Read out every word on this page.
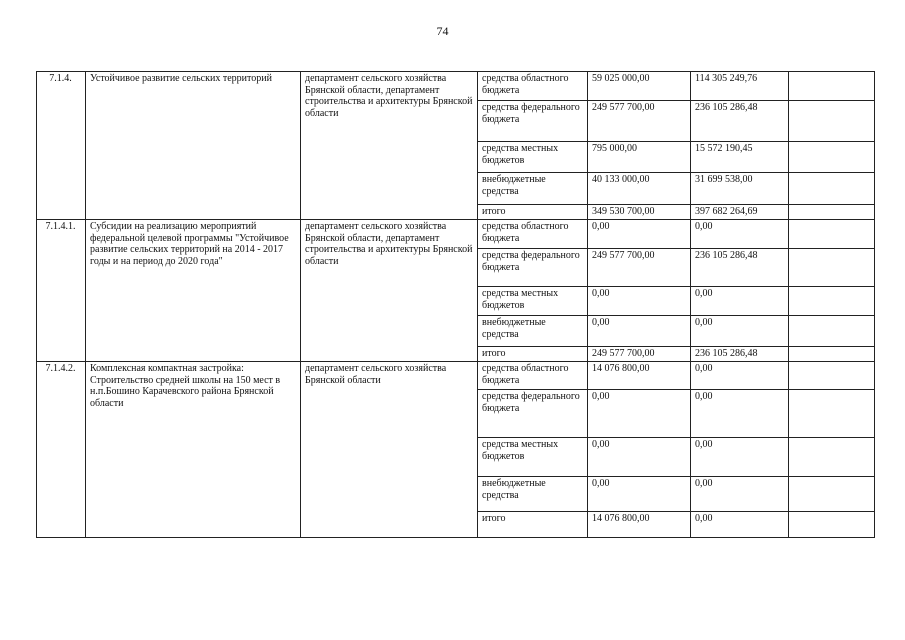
74
7.1.4.	Устойчивое развитие сельских территорий	департамент сельского хозяйства Брянской области, департамент строительства и архитектуры Брянской области	средства областного бюджета	59 025 000,00	114 305 249,76	
			средства федерального бюджета	249 577 700,00	236 105 286,48	
			средства местных бюджетов	795 000,00	15 572 190,45	
			внебюджетные средства	40 133 000,00	31 699 538,00	
			итого	349 530 700,00	397 682 264,69	
7.1.4.1.	Субсидии на реализацию мероприятий федеральной целевой программы "Устойчивое развитие сельских территорий на 2014 - 2017 годы и на период до 2020 года"	департамент сельского хозяйства Брянской области, департамент строительства и архитектуры Брянской области	средства областного бюджета	0,00	0,00	
			средства федерального бюджета	249 577 700,00	236 105 286,48	
			средства местных бюджетов	0,00	0,00	
			внебюджетные средства	0,00	0,00	
			итого	249 577 700,00	236 105 286,48	
7.1.4.2.	Комплексная компактная застройка: Строительство средней школы на 150 мест в н.п.Бошино Карачевского района Брянской области	департамент сельского хозяйства Брянской области	средства областного бюджета	14 076 800,00	0,00	
			средства федерального бюджета	0,00	0,00	
			средства местных бюджетов	0,00	0,00	
			внебюджетные средства	0,00	0,00	
			итого	14 076 800,00	0,00	
